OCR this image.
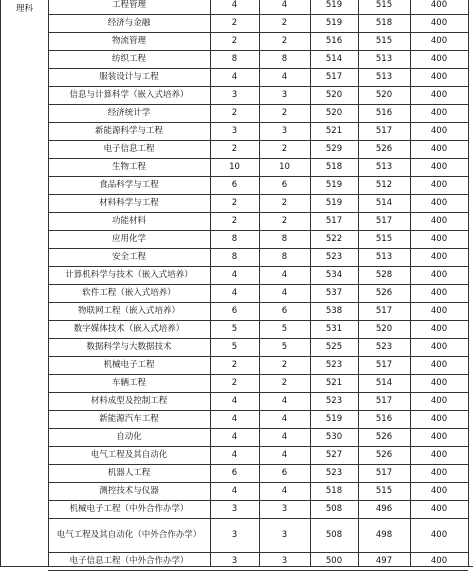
理科	工程管理	4	4	519	515	400
经济与金融	2	2	519	518	400
物流管理	2	2	516	515	400
纺织工程	8	8	514	513	400
服装设计与工程	4	4	517	513	400
信息与计算科学（嵌入式培养）	3	3	520	520	400
经济统计学	2	2	520	516	400
新能源科学与工程	3	3	521	517	400
电子信息工程	2	2	529	526	400
生物工程	10	10	518	513	400
食品科学与工程	6	6	519	512	400
材料科学与工程	2	2	519	514	400
功能材料	2	2	517	517	400
应用化学	8	8	522	515	400
安全工程	8	8	523	513	400
计算机科学与技术（嵌入式培养）	4	4	534	528	400
软件工程（嵌入式培养）	4	4	537	526	400
物联网工程（嵌入式培养）	6	6	538	517	400
数字媒体技术（嵌入式培养）	5	5	531	520	400
数据科学与大数据技术	5	5	525	523	400
机械电子工程	2	2	523	517	400
车辆工程	2	2	521	514	400
材料成型及控制工程	4	4	523	517	400
新能源汽车工程	4	4	519	516	400
自动化	4	4	530	526	400
电气工程及其自动化	4	4	527	526	400
机器人工程	6	6	523	517	400
测控技术与仪器	4	4	518	515	400
机械电子工程（中外合作办学）	3	3	508	496	400
电气工程及其自动化（中外合作办学）	3	3	508	498	400
电子信息工程（中外合作办学）	3	3	500	497	400
